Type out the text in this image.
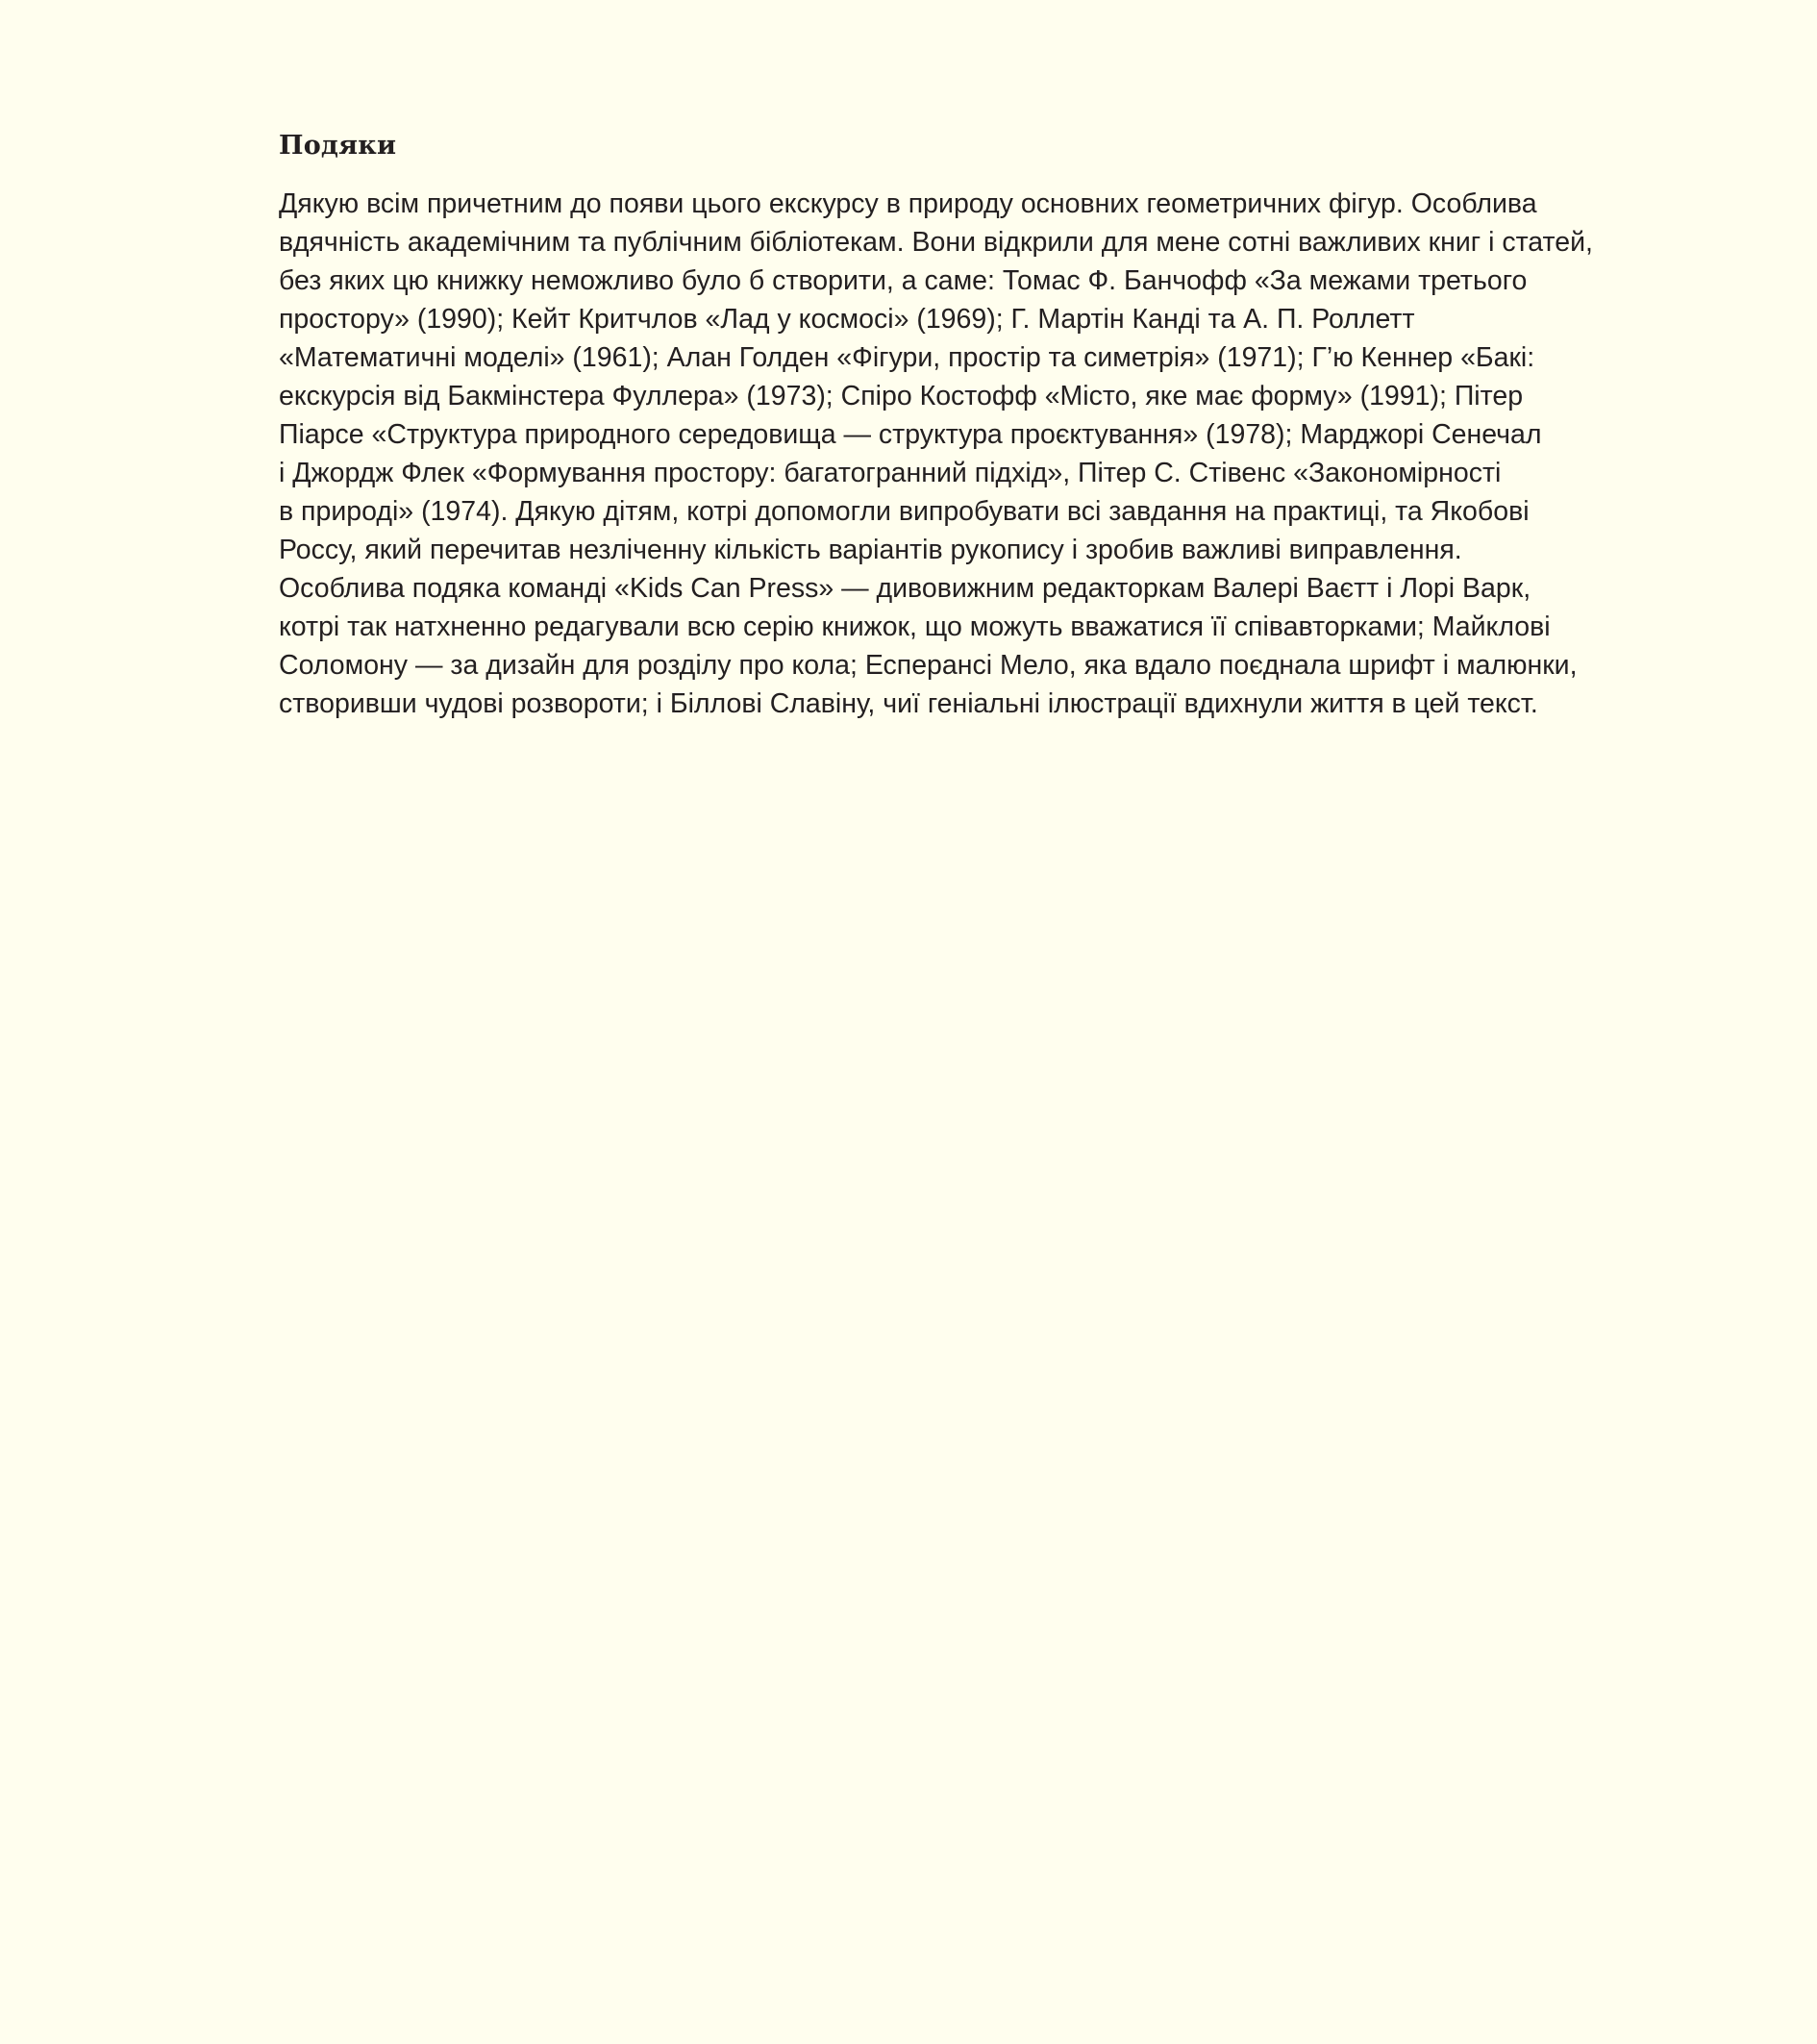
Подяки

Дякую всім причетним до появи цього екскурсу в природу основних геометричних фігур. Особлива
вдячність академічним та публічним бібліотекам. Вони відкрили для мене сотні важливих книг і статей,
без яких цю книжку неможливо було б створити, а саме: Томас Ф. Банчофф «За межами третього
простору» (1990); Кейт Критчлов «Лад у космосі» (1969); Г. Мартін Канді та А. П. Роллетт
«Математичні моделі» (1961); Алан Голден «Фігури, простір та симетрія» (1971); Г’ю Кеннер «Бакі:
екскурсія від Бакмінстера Фуллера» (1973); Спіро Костофф «Місто, яке має форму» (1991); Пітер
Піарсе «Структура природного середовища — структура проєктування» (1978); Марджорі Сенечал
і Джордж Флек «Формування простору: багатогранний підхід», Пітер С. Стівенс «Закономірності
в природі» (1974). Дякую дітям, котрі допомогли випробувати всі завдання на практиці, та Якобові
Россу, який перечитав незліченну кількість варіантів рукопису і зробив важливі виправлення.
Особлива подяка команді «Kids Can Press» — дивовижним редакторкам Валері Ваєтт і Лорі Варк,
котрі так натхненно редагували всю серію книжок, що можуть вважатися її співавторками; Майклові
Соломону — за дизайн для розділу про кола; Есперансі Мело, яка вдало поєднала шрифт і малюнки,
створивши чудові розвороти; і Біллові Славіну, чиї геніальні ілюстрації вдихнули життя в цей текст.
